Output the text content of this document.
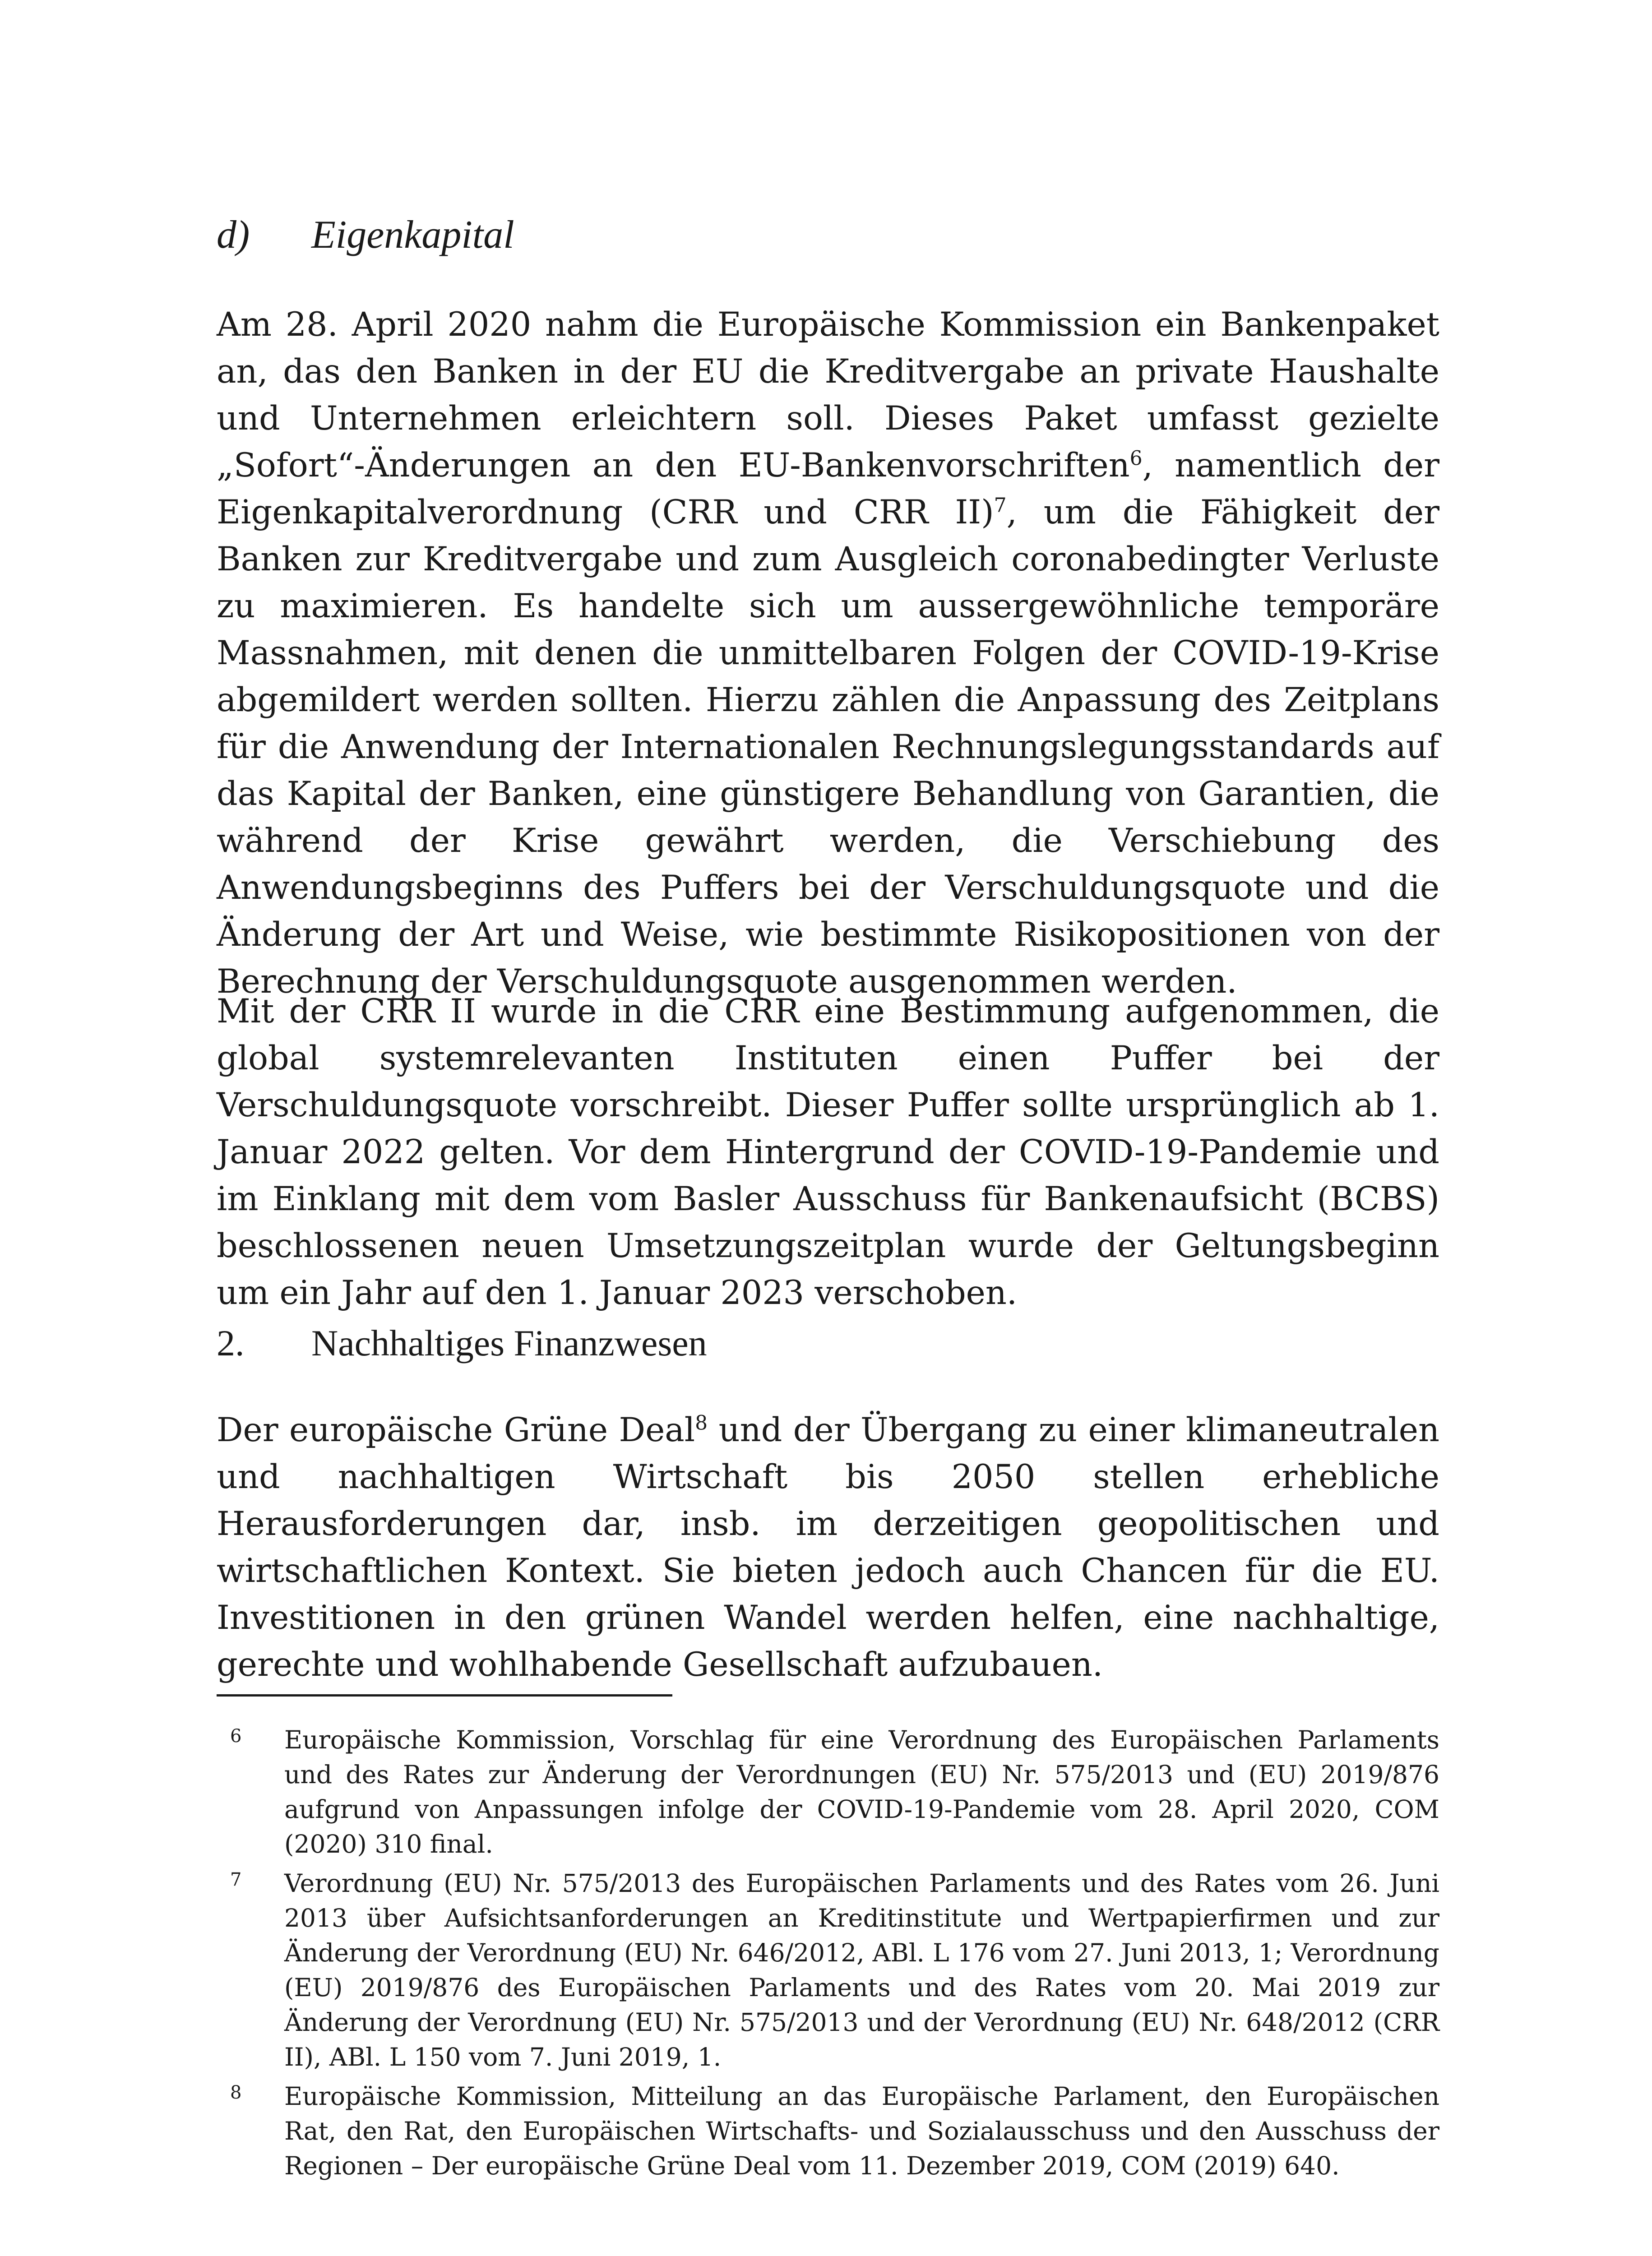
d)	Eigenkapital

Am 28. April 2020 nahm die Europäische Kommission ein Bankenpaket an, das den Banken in der EU die Kreditvergabe an private Haushalte und Unternehmen erleichtern soll. Dieses Paket umfasst gezielte „Sofort“-Änderungen an den EU-Bankenvorschriften$^6$, namentlich der Eigenkapitalverordnung (CRR und CRR II)$^7$, um die Fähigkeit der Banken zur Kreditvergabe und zum Ausgleich coronabedingter Verluste zu maximieren. Es handelte sich um aussergewöhnliche temporäre Massnahmen, mit denen die unmittelbaren Folgen der COVID-19-Krise abgemildert werden sollten. Hierzu zählen die Anpassung des Zeitplans für die Anwendung der Internationalen Rechnungslegungsstandards auf das Kapital der Banken, eine günstigere Behandlung von Garantien, die während der Krise gewährt werden, die Verschiebung des Anwendungsbeginns des Puffers bei der Verschuldungsquote und die Änderung der Art und Weise, wie bestimmte Risikopositionen von der Berechnung der Verschuldungsquote ausgenommen werden.

Mit der CRR II wurde in die CRR eine Bestimmung aufgenommen, die global systemrelevanten Instituten einen Puffer bei der Verschuldungsquote vorschreibt. Dieser Puffer sollte ursprünglich ab 1. Januar 2022 gelten. Vor dem Hintergrund der COVID-19-Pandemie und im Einklang mit dem vom Basler Ausschuss für Bankenaufsicht (BCBS) beschlossenen neuen Umsetzungszeitplan wurde der Geltungsbeginn um ein Jahr auf den 1. Januar 2023 verschoben.

2.	Nachhaltiges Finanzwesen

Der europäische Grüne Deal$^8$ und der Übergang zu einer klimaneutralen und nachhaltigen Wirtschaft bis 2050 stellen erhebliche Herausforderungen dar, insb. im derzeitigen geopolitischen und wirtschaftlichen Kontext. Sie bieten jedoch auch Chancen für die EU. Investitionen in den grünen Wandel werden helfen, eine nachhaltige, gerechte und wohlhabende Gesellschaft aufzubauen.

6	Europäische Kommission, Vorschlag für eine Verordnung des Europäischen Parlaments und des Rates zur Änderung der Verordnungen (EU) Nr. 575/2013 und (EU) 2019/876 aufgrund von Anpassungen infolge der COVID-19-Pandemie vom 28. April 2020, COM (2020) 310 final.
7	Verordnung (EU) Nr. 575/2013 des Europäischen Parlaments und des Rates vom 26. Juni 2013 über Aufsichtsanforderungen an Kreditinstitute und Wertpapierfirmen und zur Änderung der Verordnung (EU) Nr. 646/2012, ABl. L 176 vom 27. Juni 2013, 1; Verordnung (EU) 2019/876 des Europäischen Parlaments und des Rates vom 20. Mai 2019 zur Änderung der Verordnung (EU) Nr. 575/2013 und der Verordnung (EU) Nr. 648/2012 (CRR II), ABl. L 150 vom 7. Juni 2019, 1.
8	Europäische Kommission, Mitteilung an das Europäische Parlament, den Europäischen Rat, den Rat, den Europäischen Wirtschafts- und Sozialausschuss und den Ausschuss der Regionen – Der europäische Grüne Deal vom 11. Dezember 2019, COM (2019) 640.
